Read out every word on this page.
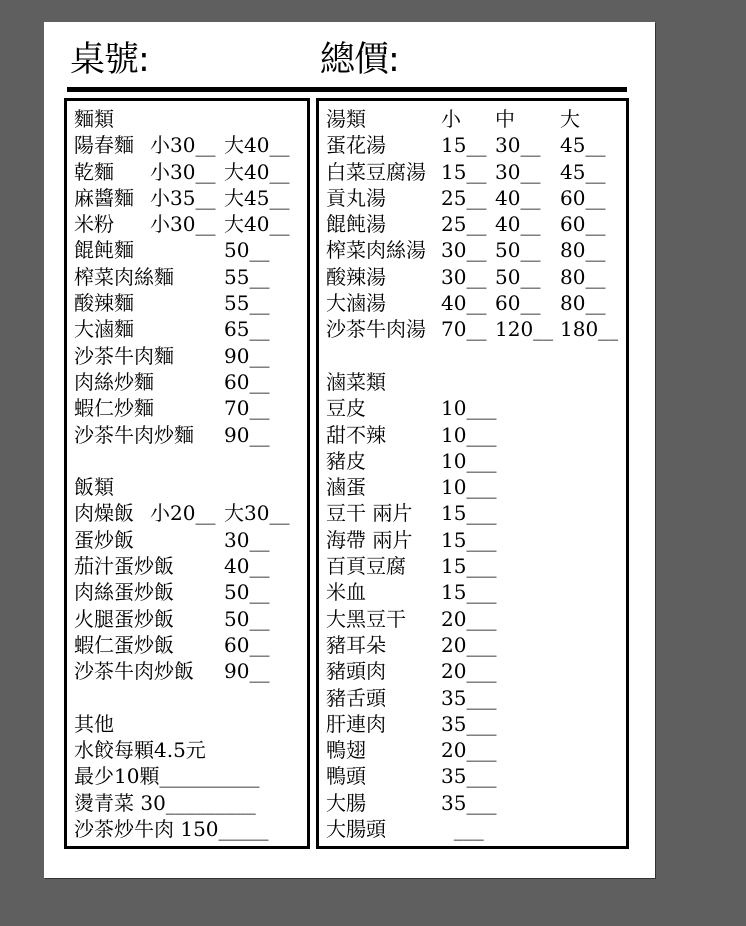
桌號:	總價:
麵類
陽春麵 小30__ 大40__
乾麵 小30__ 大40__
麻醬麵 小35__ 大45__
米粉 小30__ 大40__
餛飩麵	50__
榨菜肉絲麵	55__
酸辣麵	55__
大滷麵	65__
沙茶牛肉麵	90__
肉絲炒麵	60__
蝦仁炒麵	70__
沙茶牛肉炒麵 90__
飯類
肉燥飯 小20__ 大30__
蛋炒飯	30__
茄汁蛋炒飯	40__
肉絲蛋炒飯	50__
火腿蛋炒飯	50__
蝦仁蛋炒飯	60__
沙茶牛肉炒飯 90__
其他
水餃每顆4.5元
最少10顆__________
燙青菜 30_________
沙茶炒牛肉 150_____
湯類	小 中 大
蛋花湯	15__ 30__ 45__
白菜豆腐湯 15__ 30__ 45__
貢丸湯	25__ 40__ 60__
餛飩湯	25__ 40__ 60__
榨菜肉絲湯 30__ 50__ 80__
酸辣湯	30__ 50__ 80__
大滷湯	40__ 60__ 80__
沙茶牛肉湯 70__ 120__ 180__
滷菜類
豆皮	10___
甜不辣	10___
豬皮	10___
滷蛋	10___
豆干 兩片 15___
海帶 兩片 15___
百頁豆腐 15___
米血	15___
大黑豆干 20___
豬耳朵	20___
豬頭肉	20___
豬舌頭	35___
肝連肉	35___
鴨翅	20___
鴨頭	35___
大腸	35___
大腸頭	___
